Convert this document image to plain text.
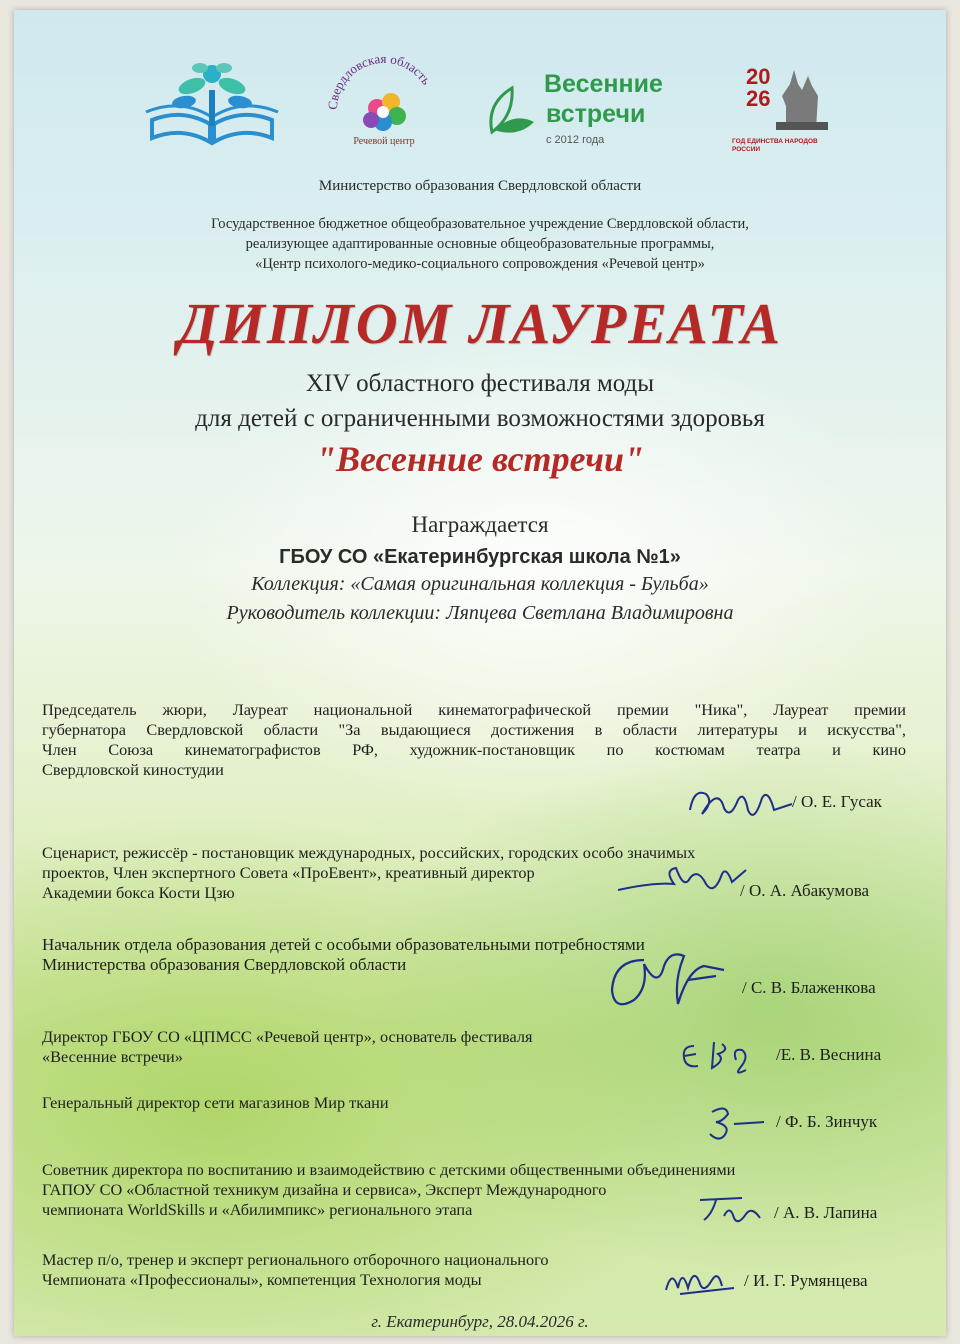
Свердловская область
Речевой центр
Весенние
встречи
с 2012 года
20
26
ГОД ЕДИНСТВА НАРОДОВ РОССИИ
Министерство образования Свердловской области
Государственное бюджетное общеобразовательное учреждение Свердловской области,
реализующее адаптированные основные общеобразовательные программы,
«Центр психолого-медико-социального сопровождения «Речевой центр»
ДИПЛОМ ЛАУРЕАТА
XIV областного фестиваля моды
для детей с ограниченными возможностями здоровья
"Весенние встречи"
Награждается
ГБОУ СО «Екатеринбургская школа №1»
Коллекция: «Самая оригинальная коллекция - Бульба»
Руководитель коллекции: Ляпцева Светлана Владимировна
Председатель жюри, Лауреат национальной кинематографической премии "Ника", Лауреат премии
губернатора Свердловской области "За выдающиеся достижения в области литературы и искусства",
Член Союза кинематографистов РФ, художник-постановщик по костюмам театра и кино
Свердловской киностудии
/ О. Е. Гусак
Сценарист, режиссёр - постановщик международных, российских, городских особо значимых
проектов, Член экспертного Совета «ПроЕвент», креативный директор
Академии бокса Кости Цзю	/ О. А. Абакумова
Начальник отдела образования детей с особыми образовательными потребностями
Министерства образования Свердловской области
/ С. В. Блаженкова
Директор ГБОУ СО «ЦПМСС «Речевой центр», основатель фестиваля
«Весенние встречи»	/Е. В. Веснина
Генеральный директор сети магазинов Мир ткани
/ Ф. Б. Зинчук
Советник директора по воспитанию и взаимодействию с детскими общественными объединениями
ГАПОУ СО «Областной техникум дизайна и сервиса», Эксперт Международного
чемпионата WorldSkills и «Абилимпикс» регионального этапа	/ А. В. Лапина
Мастер п/о, тренер и эксперт регионального отборочного национального
Чемпионата «Профессионалы», компетенция Технология моды	/ И. Г. Румянцева
г. Екатеринбург, 28.04.2026 г.
